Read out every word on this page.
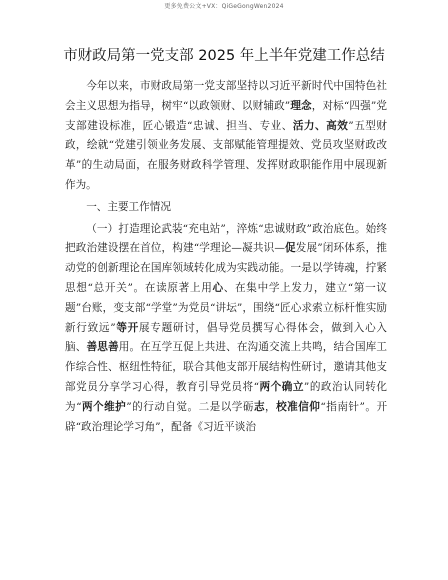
更多免费公文+VX：QiGeGongWen2024
市财政局第一党支部 2025 年上半年党建工作总结

今年以来，市财政局第一党支部坚持以习近平新时代中国特色社会主义思想为指导，树牢“以政领财、以财辅政”理念，对标“四强”党支部建设标准，匠心锻造“忠诚、担当、专业、活力、高效”五型财政，绘就“党建引领业务发展、支部赋能管理提效、党员攻坚财政改革”的生动局面，在服务财政科学管理、发挥财政职能作用中展现新作为。

一、主要工作情况

（一）打造理论武装“充电站”，淬炼“忠诚财政”政治底色。始终把政治建设摆在首位，构建“学理论—凝共识—促发展”闭环体系，推动党的创新理论在国库领域转化成为实践动能。一是以学铸魂，拧紧思想“总开关”。在读原著上用心、在集中学上发力，建立“第一议题”台账，变支部“学堂”为党员“讲坛”，围绕“匠心求索立标杆惟实励新行致远”等开展专题研讨，倡导党员撰写心得体会，做到入心入脑、善思善用。在互学互促上共进、在沟通交流上共鸣，结合国库工作综合性、枢纽性特征，联合其他支部开展结构性研讨，邀请其他支部党员分享学习心得，教育引导党员将“两个确立”的政治认同转化为“两个维护”的行动自觉。二是以学砺志，校准信仰“指南针”。开辟“政治理论学习角”，配备《习近平谈治
